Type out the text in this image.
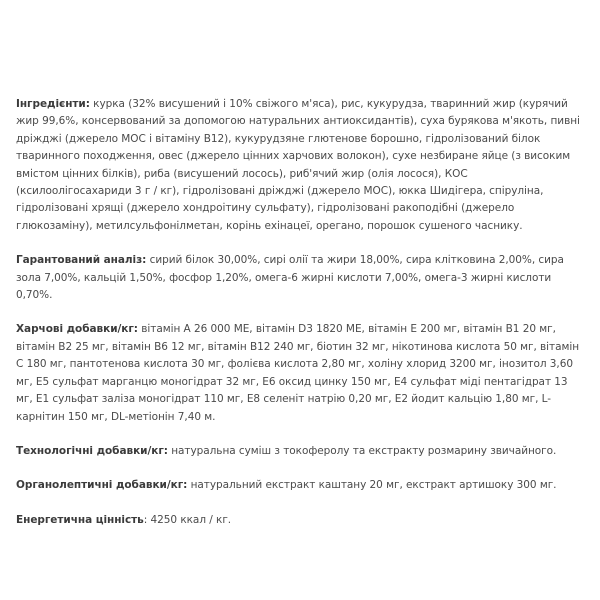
Інгредієнти: курка (32% висушений і 10% свіжого м'яса), рис, кукурудза, тваринний жир (курячий жир 99,6%, консервований за допомогою натуральних антиоксидантів), суха бурякова м'якоть, пивні дріжджі (джерело МОС і вітаміну В12), кукурудзяне глютенове борошно, гідролізований білок тваринного походження, овес (джерело цінних харчових волокон), сухе незбиране яйце (з високим вмістом цінних білків), риба (висушений лосось), риб'ячий жир (олія лосося), КОС (ксилоолігосахариди 3 г / кг), гідролізовані дріжджі (джерело МОС), юкка Шидігера, спіруліна, гідролізовані хрящі (джерело хондроітину сульфату), гідролізовані ракоподібні (джерело глюкозаміну), метилсульфонілметан, корінь ехінацеї, орегано, порошок сушеного часнику.

Гарантований аналіз: сирий білок 30,00%, сирі олії та жири 18,00%, сира клітковина 2,00%, сира зола 7,00%, кальцій 1,50%, фосфор 1,20%, омега-6 жирні кислоти 7,00%, омега-3 жирні кислоти 0,70%.

Харчові добавки/кг: вітамін А 26 000 МЕ, вітамін D3 1820 МЕ, вітамін Е 200 мг, вітамін В1 20 мг, вітамін В2 25 мг, вітамін В6 12 мг, вітамін В12 240 мг, біотин 32 мг, нікотинова кислота 50 мг, вітамін С 180 мг, пантотенова кислота 30 мг, фолієва кислота 2,80 мг, холіну хлорид 3200 мг, інозитол 3,60 мг, Е5 сульфат марганцю моногідрат 32 мг, Е6 оксид цинку 150 мг, Е4 сульфат міді пентагідрат 13 мг, Е1 сульфат заліза моногідрат 110 мг, Е8 селеніт натрію 0,20 мг, Е2 йодит кальцію 1,80 мг, L-карнітин 150 мг, DL-метіонін 7,40 м.

Технологічні добавки/кг: натуральна суміш з токоферолу та екстракту розмарину звичайного.

Органолептичні добавки/кг: натуральний екстракт каштану 20 мг, екстракт артишоку 300 мг.

Енергетична цінність: 4250 ккал / кг.
